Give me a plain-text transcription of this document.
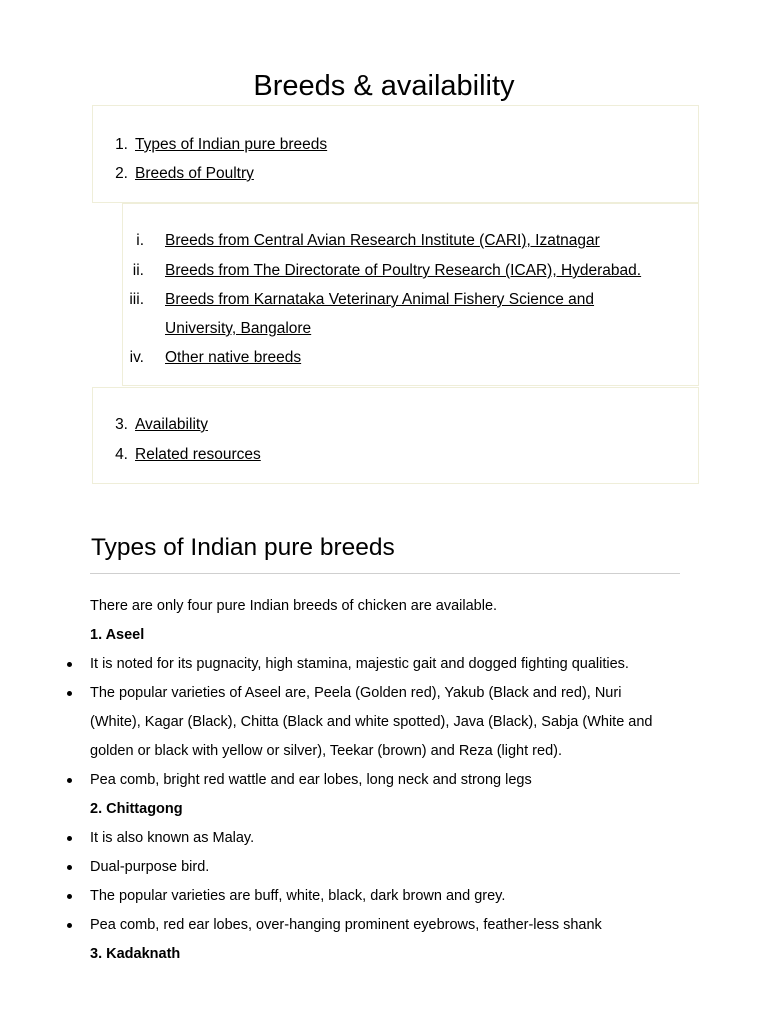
Breeds & availability
1. Types of Indian pure breeds
2. Breeds of Poultry
i. Breeds from Central Avian Research Institute (CARI), Izatnagar
ii. Breeds from The Directorate of Poultry Research (ICAR), Hyderabad.
iii. Breeds from Karnataka Veterinary Animal Fishery Science and
University, Bangalore
iv. Other native breeds
3. Availability
4. Related resources
Types of Indian pure breeds
There are only four pure Indian breeds of chicken are available.
1. Aseel
It is noted for its pugnacity, high stamina, majestic gait and dogged fighting qualities.
The popular varieties of Aseel are, Peela (Golden red), Yakub (Black and red), Nuri
(White), Kagar (Black), Chitta (Black and white spotted), Java (Black), Sabja (White and
golden or black with yellow or silver), Teekar (brown) and Reza (light red).
Pea comb, bright red wattle and ear lobes, long neck and strong legs
2. Chittagong
It is also known as Malay.
Dual-purpose bird.
The popular varieties are buff, white, black, dark brown and grey.
Pea comb, red ear lobes, over-hanging prominent eyebrows, feather-less shank
3. Kadaknath
